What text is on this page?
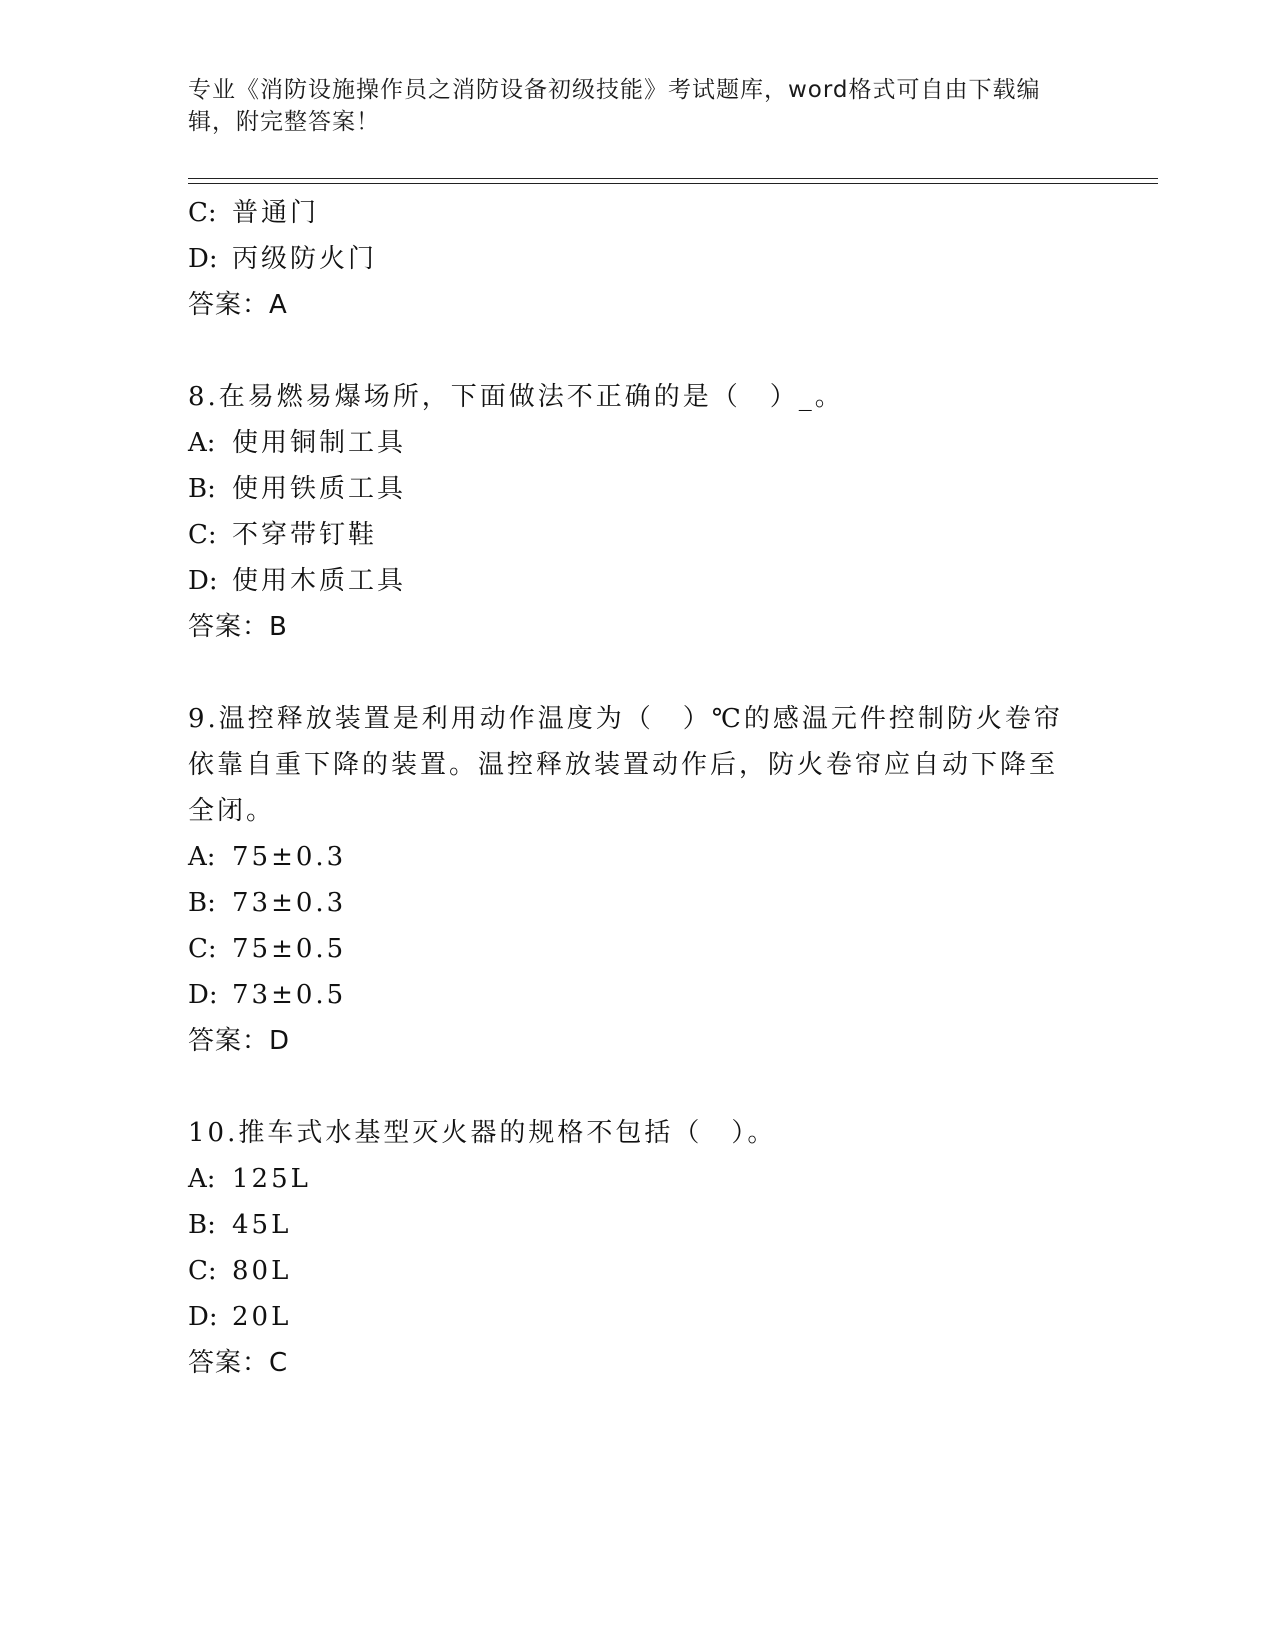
专业《消防设施操作员之消防设备初级技能》考试题库，word格式可自由下载编辑，附完整答案！
C: 普通门
D: 丙级防火门
答案：A
8.在易燃易爆场所，下面做法不正确的是（　）_。
A: 使用铜制工具
B: 使用铁质工具
C: 不穿带钉鞋
D: 使用木质工具
答案：B
9.温控释放装置是利用动作温度为（　）℃的感温元件控制防火卷帘依靠自重下降的装置。温控释放装置动作后，防火卷帘应自动下降至全闭。
A: 75±0.3
B: 73±0.3
C: 75±0.5
D: 73±0.5
答案：D
10.推车式水基型灭火器的规格不包括（　）。
A: 125L
B: 45L
C: 80L
D: 20L
答案：C
